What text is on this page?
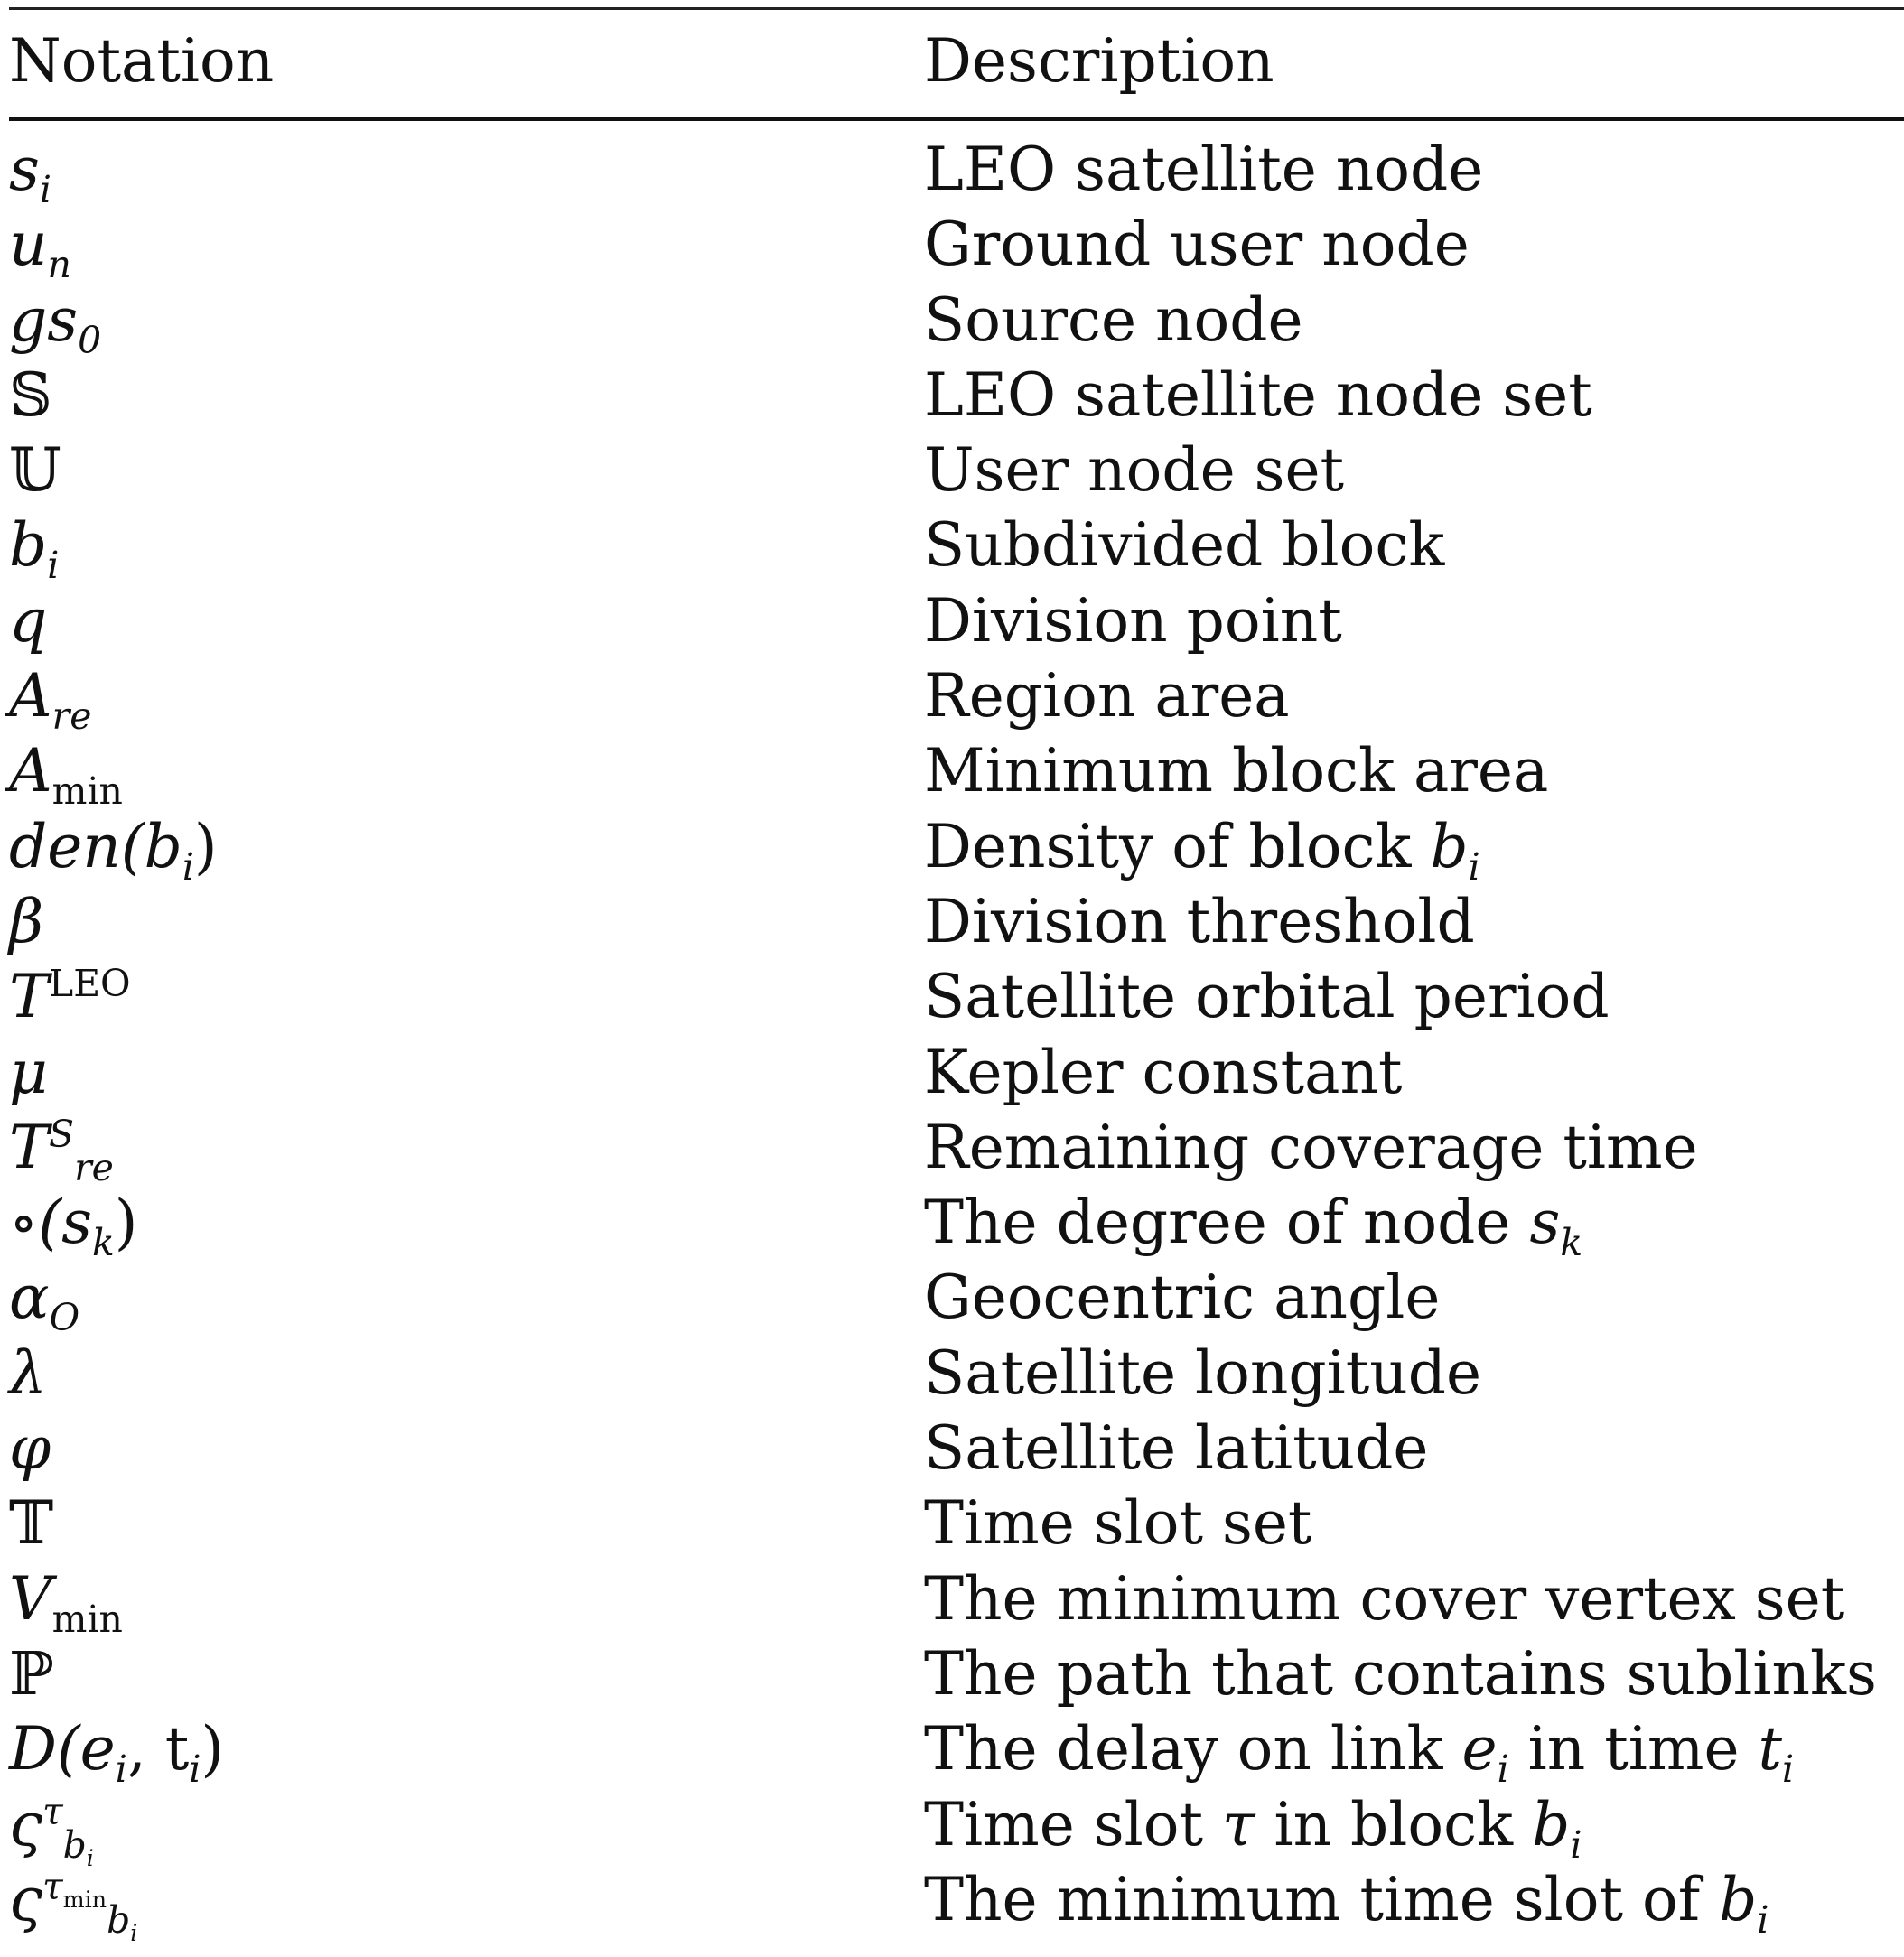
Notation	Description
$s_i$	LEO satellite node
$u_n$	Ground user node
$gs_0$	Source node
𝕊	LEO satellite node set
𝕌	User node set
$b_i$	Subdivided block
q	Division point
$A_{re}$	Region area
$A_{min}$	Minimum block area
$den(b_i)$	Density of block $b_i$
β	Division threshold
$T^{LEO}$	Satellite orbital period
μ	Kepler constant
$T^S_{re}$	Remaining coverage time
$\circ(s_k)$	The degree of node $s_k$
$\alpha_O$	Geocentric angle
λ	Satellite longitude
φ	Satellite latitude
𝕋	Time slot set
$V_{min}$	The minimum cover vertex set
ℙ	The path that contains sublinks
$D(e_i$, $t_i$)	The delay on link $e_i$ in time $t_i$
$\varsigma^\tau_{b_i}$	Time slot τ in block $b_i$
$\varsigma^{\tau_{min}}_{b_i}$	The minimum time slot of $b_i$
